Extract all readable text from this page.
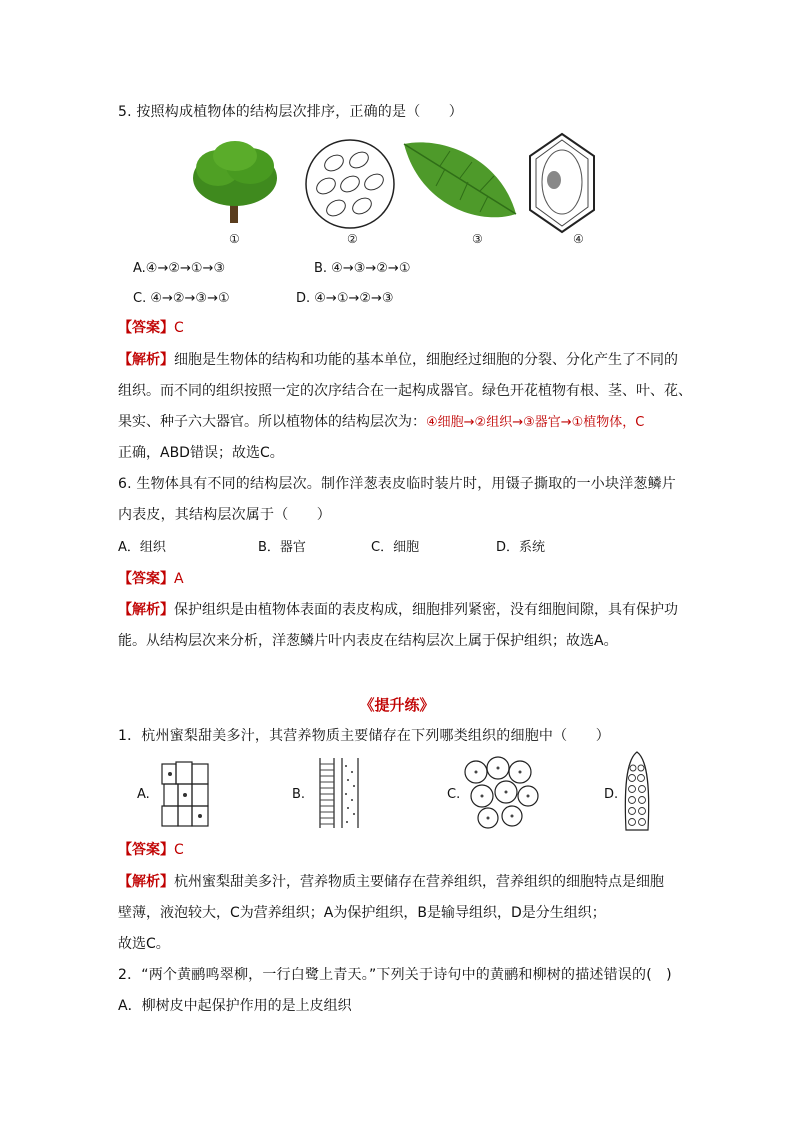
5. 按照构成植物体的结构层次排序，正确的是（　　）
①	②	③	④
A.④→②→①→③	B. ④→③→②→①
C. ④→②→③→①	D. ④→①→②→③
【答案】C
【解析】细胞是生物体的结构和功能的基本单位，细胞经过细胞的分裂、分化产生了不同的
组织。而不同的组织按照一定的次序结合在一起构成器官。绿色开花植物有根、茎、叶、花、
果实、种子六大器官。所以植物体的结构层次为：④细胞→②组织→③器官→①植物体，C
正确，ABD错误；故选C。
6. 生物体具有不同的结构层次。制作洋葱表皮临时装片时，用镊子撕取的一小块洋葱鳞片
内表皮，其结构层次属于（　　）
A．组织	B．器官	C．细胞	D．系统
【答案】A
【解析】保护组织是由植物体表面的表皮构成，细胞排列紧密，没有细胞间隙，具有保护功
能。从结构层次来分析，洋葱鳞片叶内表皮在结构层次上属于保护组织；故选A。
《提升练》
1．杭州蜜梨甜美多汁，其营养物质主要储存在下列哪类组织的细胞中（　　）
A.	B.	C.	D.
【答案】C
【解析】杭州蜜梨甜美多汁，营养物质主要储存在营养组织，营养组织的细胞特点是细胞
壁薄，液泡较大，C为营养组织；A为保护组织，B是输导组织，D是分生组织；
故选C。
2．“两个黄鹂鸣翠柳，一行白鹭上青天。”下列关于诗句中的黄鹂和柳树的描述错误的(　)
A．柳树皮中起保护作用的是上皮组织
